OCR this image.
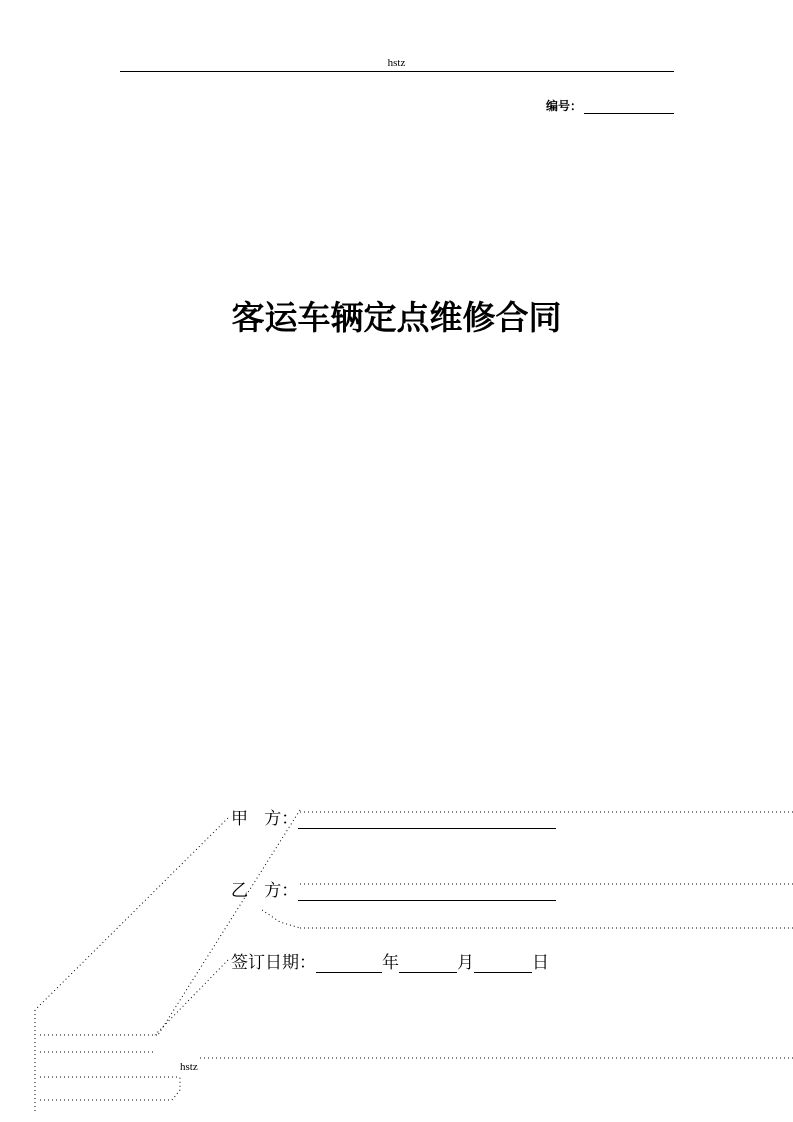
hstz
编号：
客运车辆定点维修合同
甲   方：
乙   方：
签订日期：	年	月	日
hstz
